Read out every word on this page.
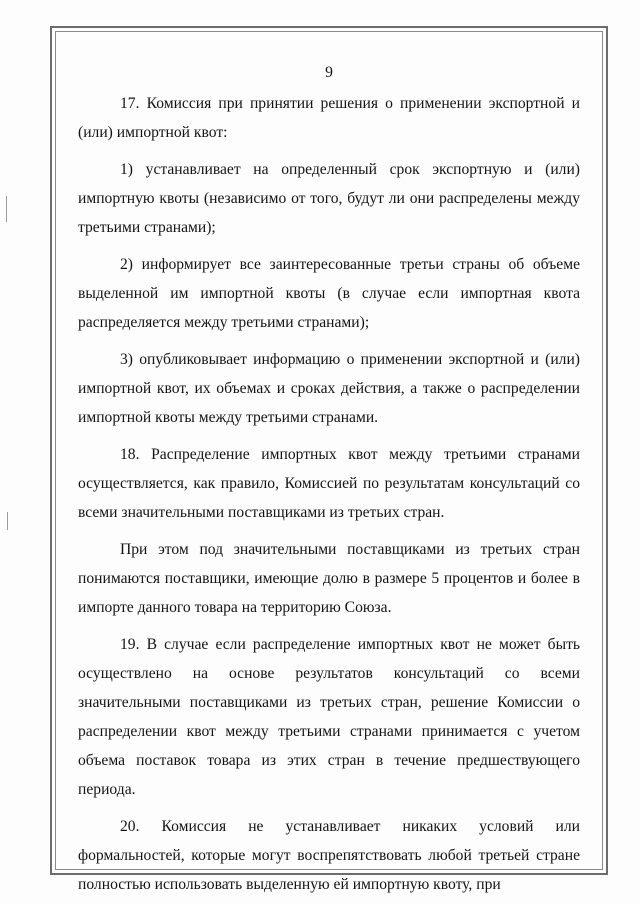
9

17. Комиссия при принятии решения о применении экспортной и (или) импортной квот:

1) устанавливает на определенный срок экспортную и (или) импортную квоты (независимо от того, будут ли они распределены между третьими странами);

2) информирует все заинтересованные третьи страны об объеме выделенной им импортной квоты (в случае если импортная квота распределяется между третьими странами);

3) опубликовывает информацию о применении экспортной и (или) импортной квот, их объемах и сроках действия, а также о распределении импортной квоты между третьими странами.

18. Распределение импортных квот между третьими странами осуществляется, как правило, Комиссией по результатам консультаций со всеми значительными поставщиками из третьих стран.

При этом под значительными поставщиками из третьих стран понимаются поставщики, имеющие долю в размере 5 процентов и более в импорте данного товара на территорию Союза.

19. В случае если распределение импортных квот не может быть осуществлено на основе результатов консультаций со всеми значительными поставщиками из третьих стран, решение Комиссии о распределении квот между третьими странами принимается с учетом объема поставок товара из этих стран в течение предшествующего периода.

20. Комиссия не устанавливает никаких условий или формальностей, которые могут воспрепятствовать любой третьей стране полностью использовать выделенную ей импортную квоту, при
